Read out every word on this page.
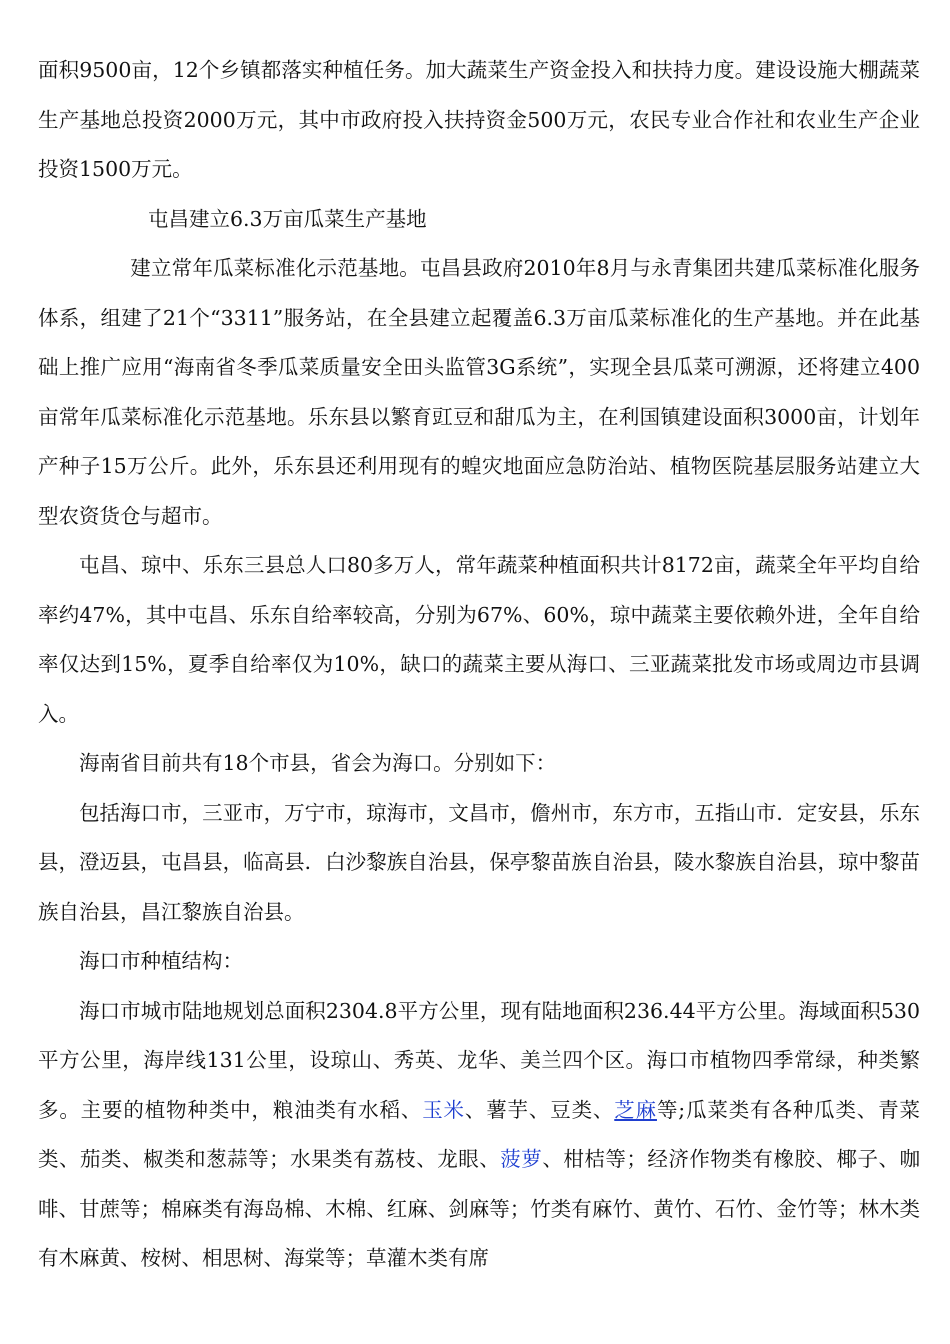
面积9500亩，12个乡镇都落实种植任务。加大蔬菜生产资金投入和扶持力度。建设设施大棚蔬菜生产基地总投资2000万元，其中市政府投入扶持资金500万元，农民专业合作社和农业生产企业投资1500万元。

屯昌建立6.3万亩瓜菜生产基地

建立常年瓜菜标准化示范基地。屯昌县政府2010年8月与永青集团共建瓜菜标准化服务体系，组建了21个“3311”服务站，在全县建立起覆盖6.3万亩瓜菜标准化的生产基地。并在此基础上推广应用“海南省冬季瓜菜质量安全田头监管3G系统”，实现全县瓜菜可溯源，还将建立400亩常年瓜菜标准化示范基地。乐东县以繁育豇豆和甜瓜为主，在利国镇建设面积3000亩，计划年产种子15万公斤。此外，乐东县还利用现有的蝗灾地面应急防治站、植物医院基层服务站建立大型农资货仓与超市。

屯昌、琼中、乐东三县总人口80多万人，常年蔬菜种植面积共计8172亩，蔬菜全年平均自给率约47%，其中屯昌、乐东自给率较高，分别为67%、60%，琼中蔬菜主要依赖外进，全年自给率仅达到15%，夏季自给率仅为10%，缺口的蔬菜主要从海口、三亚蔬菜批发市场或周边市县调入。

海南省目前共有18个市县，省会为海口。分别如下：

包括海口市，三亚市，万宁市，琼海市，文昌市，儋州市，东方市，五指山市．定安县，乐东县，澄迈县，屯昌县，临高县．白沙黎族自治县，保亭黎苗族自治县，陵水黎族自治县，琼中黎苗族自治县，昌江黎族自治县。

海口市种植结构：

海口市城市陆地规划总面积2304.8平方公里，现有陆地面积236.44平方公里。海域面积530平方公里，海岸线131公里，设琼山、秀英、龙华、美兰四个区。海口市植物四季常绿，种类繁多。主要的植物种类中，粮油类有水稻、玉米、薯芋、豆类、芝麻等;瓜菜类有各种瓜类、青菜类、茄类、椒类和葱蒜等；水果类有荔枝、龙眼、菠萝、柑桔等；经济作物类有橡胶、椰子、咖啡、甘蔗等；棉麻类有海岛棉、木棉、红麻、剑麻等；竹类有麻竹、黄竹、石竹、金竹等；林木类有木麻黄、桉树、相思树、海棠等；草灌木类有席
